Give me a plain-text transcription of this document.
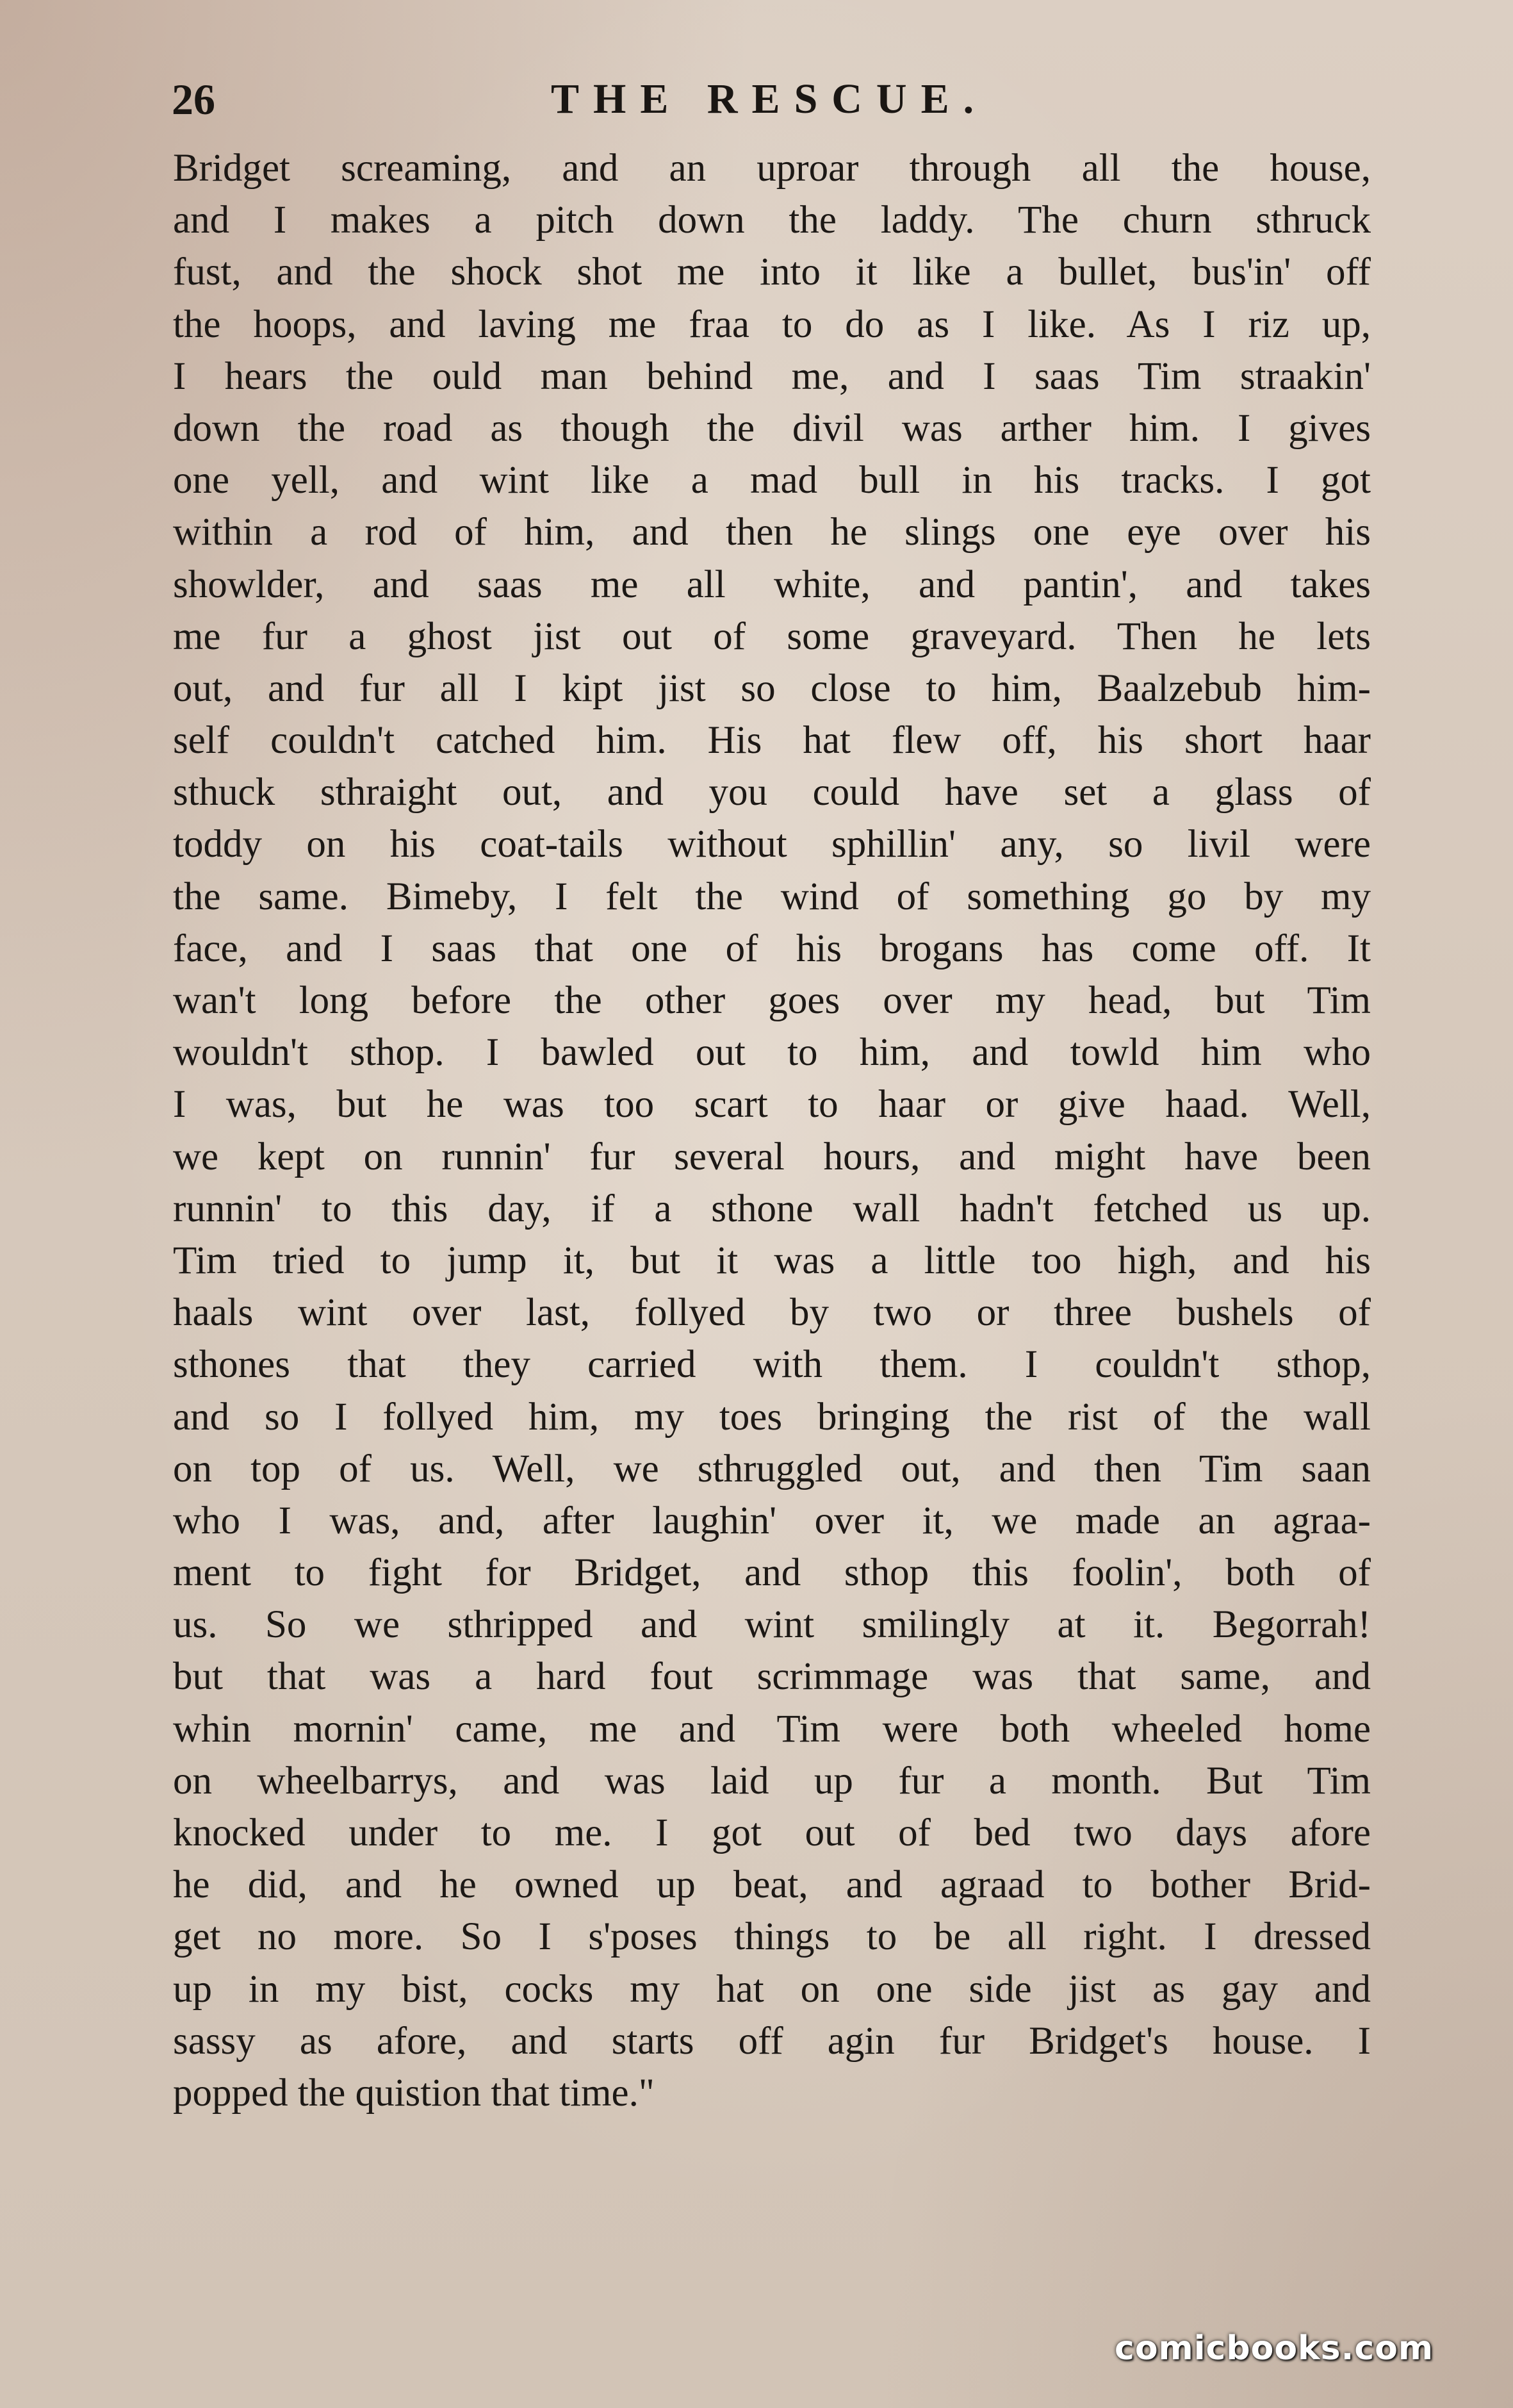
26	THE RESCUE.
Bridget screaming, and an uproar through all the house,
and I makes a pitch down the laddy. The churn sthruck
fust, and the shock shot me into it like a bullet, bus'in' off
the hoops, and laving me fraa to do as I like. As I riz up,
I hears the ould man behind me, and I saas Tim straakin'
down the road as though the divil was arther him. I gives
one yell, and wint like a mad bull in his tracks. I got
within a rod of him, and then he slings one eye over his
showlder, and saas me all white, and pantin', and takes
me fur a ghost jist out of some graveyard. Then he lets
out, and fur all I kipt jist so close to him, Baalzebub him-
self couldn't catched him. His hat flew off, his short haar
sthuck sthraight out, and you could have set a glass of
toddy on his coat-tails without sphillin' any, so livil were
the same. Bimeby, I felt the wind of something go by my
face, and I saas that one of his brogans has come off. It
wan't long before the other goes over my head, but Tim
wouldn't sthop. I bawled out to him, and towld him who
I was, but he was too scart to haar or give haad. Well,
we kept on runnin' fur several hours, and might have been
runnin' to this day, if a sthone wall hadn't fetched us up.
Tim tried to jump it, but it was a little too high, and his
haals wint over last, follyed by two or three bushels of
sthones that they carried with them. I couldn't sthop,
and so I follyed him, my toes bringing the rist of the wall
on top of us. Well, we sthruggled out, and then Tim saan
who I was, and, after laughin' over it, we made an agraa-
ment to fight for Bridget, and sthop this foolin', both of
us. So we sthripped and wint smilingly at it. Begorrah!
but that was a hard fout scrimmage was that same, and
whin mornin' came, me and Tim were both wheeled home
on wheelbarrys, and was laid up fur a month. But Tim
knocked under to me. I got out of bed two days afore
he did, and he owned up beat, and agraad to bother Brid-
get no more. So I s'poses things to be all right. I dressed
up in my bist, cocks my hat on one side jist as gay and
sassy as afore, and starts off agin fur Bridget's house. I
popped the quistion that time."
comicbooks.com
